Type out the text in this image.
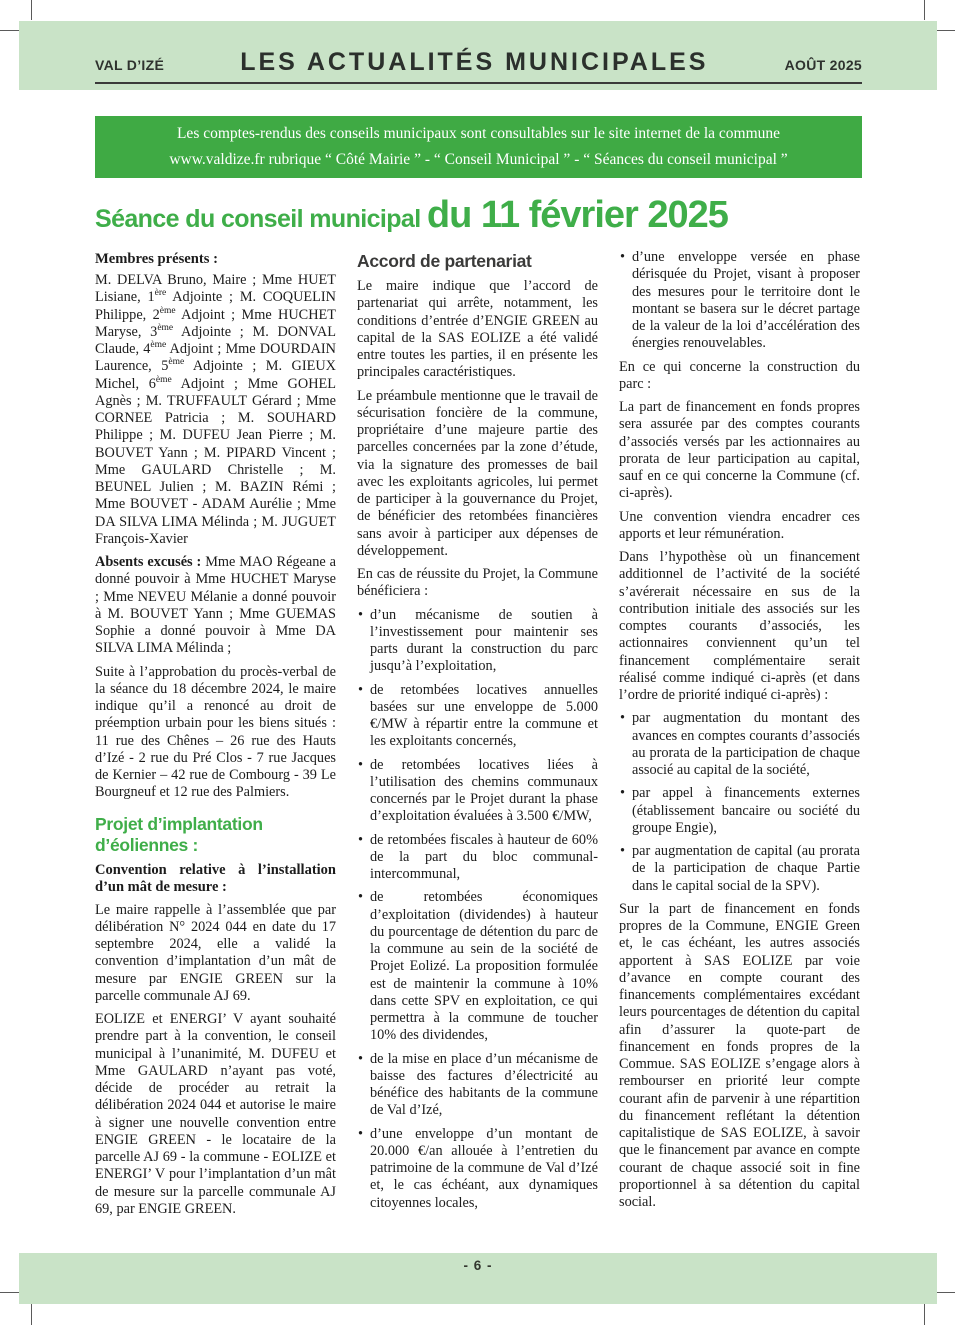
VAL D’IZÉ	LES ACTUALITÉS MUNICIPALES	AOÛT 2025
Les comptes-rendus des conseils municipaux sont consultables sur le site internet de la commune
www.valdize.fr rubrique “ Côté Mairie ” - “ Conseil Municipal ” - “ Séances du conseil municipal ”
Séance du conseil municipal du 11 février 2025

Membres présents :

M. DELVA Bruno, Maire ; Mme HUET Lisiane, 1ère Adjointe ; M. COQUELIN Philippe, 2ème Adjoint ; Mme HUCHET Maryse, 3ème Adjointe ; M. DONVAL Claude, 4ème Adjoint ; Mme DOURDAIN Laurence, 5ème Adjointe ; M. GIEUX Michel, 6ème Adjoint ; Mme GOHEL Agnès ; M. TRUFFAULT Gérard ; Mme CORNEE Patricia ; M. SOUHARD Philippe ; M. DUFEU Jean Pierre ; M. BOUVET Yann ; M. PIPARD Vincent ; Mme GAULARD Christelle ; M. BEUNEL Julien ; M. BAZIN Rémi ; Mme BOUVET - ADAM Aurélie ; Mme DA SILVA LIMA Mélinda ; M. JUGUET François-Xavier

Absents excusés : Mme MAO Régeane a donné pouvoir à Mme HUCHET Maryse ; Mme NEVEU Mélanie a donné pouvoir à M. BOUVET Yann ; Mme GUEMAS Sophie a donné pouvoir à Mme DA SILVA LIMA Mélinda ;

Suite à l’approbation du procès-verbal de la séance du 18 décembre 2024, le maire indique qu’il a renoncé au droit de préemption urbain pour les biens situés : 11 rue des Chênes – 26 rue des Hauts d’Izé - 2 rue du Pré Clos - 7 rue Jacques de Kernier – 42 rue de Combourg - 39 Le Bourgneuf et 12 rue des Palmiers.

Projet d’implantation d’éoliennes :

Convention relative à l’installation d’un mât de mesure :

Le maire rappelle à l’assemblée que par délibération N° 2024 044 en date du 17 septembre 2024, elle a validé la convention d’implantation d’un mât de mesure par ENGIE GREEN sur la parcelle communale AJ 69.

EOLIZE et ENERGI’ V ayant souhaité prendre part à la convention, le conseil municipal à l’unanimité, M. DUFEU et Mme GAULARD n’ayant pas voté, décide de procéder au retrait la délibération 2024 044 et autorise le maire à signer une nouvelle convention entre ENGIE GREEN - le locataire de la parcelle AJ 69 - la commune - EOLIZE et ENERGI’ V pour l’implantation d’un mât de mesure sur la parcelle communale AJ 69, par ENGIE GREEN.

Accord de partenariat

Le maire indique que l’accord de partenariat qui arrête, notamment, les conditions d’entrée d’ENGIE GREEN au capital de la SAS EOLIZE a été validé entre toutes les parties, il en présente les principales caractéristiques.

Le préambule mentionne que le travail de sécurisation foncière de la commune, propriétaire d’une majeure partie des parcelles concernées par la zone d’étude, via la signature des promesses de bail avec les exploitants agricoles, lui permet de participer à la gouvernance du Projet, de bénéficier des retombées financières sans avoir à participer aux dépenses de développement.

En cas de réussite du Projet, la Commune bénéficiera :

• d’un mécanisme de soutien à l’investissement pour maintenir ses parts durant la construction du parc jusqu’à l’exploitation,
• de retombées locatives annuelles basées sur une enveloppe de 5.000 €/MW à répartir entre la commune et les exploitants concernés,
• de retombées locatives liées à l’utilisation des chemins communaux concernés par le Projet durant la phase d’exploitation évaluées à 3.500 €/MW,
• de retombées fiscales à hauteur de 60% de la part du bloc communal-intercommunal,
• de retombées économiques d’exploitation (dividendes) à hauteur du pourcentage de détention du parc de la commune au sein de la société de Projet Eolizé. La proposition formulée est de maintenir la commune à 10% dans cette SPV en exploitation, ce qui permettra à la commune de toucher 10% des dividendes,
• de la mise en place d’un mécanisme de baisse des factures d’électricité au bénéfice des habitants de la commune de Val d’Izé,
• d’une enveloppe d’un montant de 20.000 €/an allouée à l’entretien du patrimoine de la commune de Val d’Izé et, le cas échéant, aux dynamiques citoyennes locales,
• d’une enveloppe versée en phase dérisquée du Projet, visant à proposer des mesures pour le territoire dont le montant se basera sur le décret partage de la valeur de la loi d’accélération des énergies renouvelables.

En ce qui concerne la construction du parc :

La part de financement en fonds propres sera assurée par des comptes courants d’associés versés par les actionnaires au prorata de leur participation au capital, sauf en ce qui concerne la Commune (cf. ci-après).

Une convention viendra encadrer ces apports et leur rémunération.

Dans l’hypothèse où un financement additionnel de l’activité de la société s’avérerait nécessaire en sus de la contribution initiale des associés sur les comptes courants d’associés, les actionnaires conviennent qu’un tel financement complémentaire serait réalisé comme indiqué ci-après (et dans l’ordre de priorité indiqué ci-après) :

• par augmentation du montant des avances en comptes courants d’associés au prorata de la participation de chaque associé au capital de la société,
• par appel à financements externes (établissement bancaire ou société du groupe Engie),
• par augmentation de capital (au prorata de la participation de chaque Partie dans le capital social de la SPV).

Sur la part de financement en fonds propres de la Commune, ENGIE Green et, le cas échéant, les autres associés apportent à SAS EOLIZE par voie d’avance en compte courant des financements complémentaires excédant leurs pourcentages de détention du capital afin d’assurer la quote-part de financement en fonds propres de la Commue. SAS EOLIZE s’engage alors à rembourser en priorité leur compte courant afin de parvenir à une répartition du financement reflétant la détention capitalistique de SAS EOLIZE, à savoir que le financement par avance en compte courant de chaque associé soit in fine proportionnel à sa détention du capital social.

- 6 -
